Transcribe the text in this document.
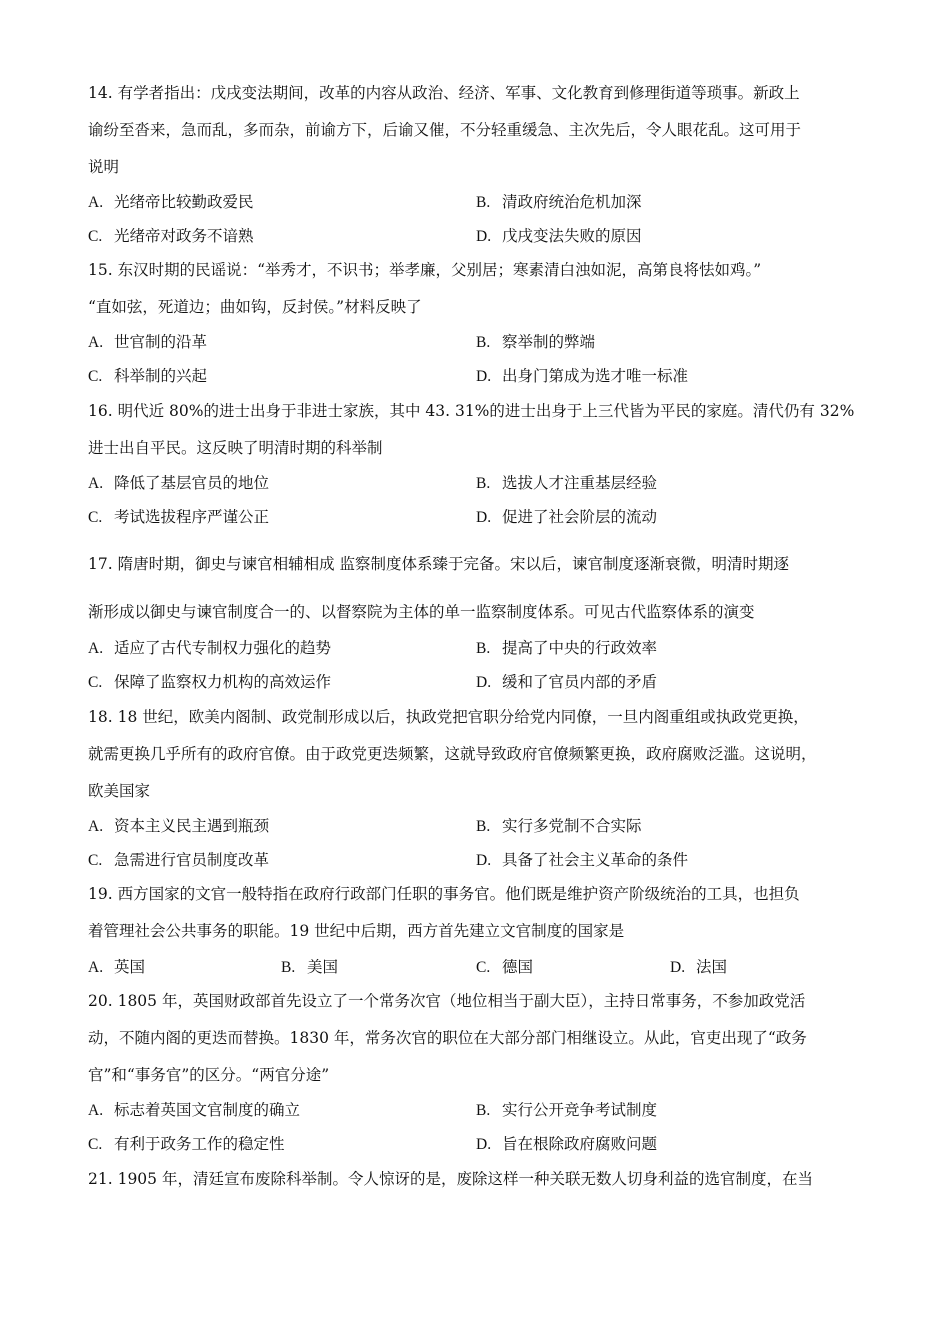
14. 有学者指出：戊戌变法期间，改革的内容从政治、经济、军事、文化教育到修理街道等琐事。新政上
谕纷至沓来，急而乱，多而杂，前谕方下，后谕又催，不分轻重缓急、主次先后，令人眼花乱。这可用于
说明
A. 光绪帝比较勤政爱民	B. 清政府统治危机加深
C. 光绪帝对政务不谙熟	D. 戊戌变法失败的原因
15. 东汉时期的民谣说：“举秀才，不识书；举孝廉，父别居；寒素清白浊如泥，高第良将怯如鸡。”
“直如弦，死道边；曲如钩，反封侯。”材料反映了
A. 世官制的沿革	B. 察举制的弊端
C. 科举制的兴起	D. 出身门第成为选才唯一标准
16. 明代近 80%的进士出身于非进士家族，其中 43. 31%的进士出身于上三代皆为平民的家庭。清代仍有 32%
进士出自平民。这反映了明清时期的科举制
A. 降低了基层官员的地位	B. 选拔人才注重基层经验
C. 考试选拔程序严谨公正	D. 促进了社会阶层的流动
17. 隋唐时期，御史与谏官相辅相成 监察制度体系臻于完备。宋以后，谏官制度逐渐衰微，明清时期逐
渐形成以御史与谏官制度合一的、以督察院为主体的单一监察制度体系。可见古代监察体系的演变
A. 适应了古代专制权力强化的趋势	B. 提高了中央的行政效率
C. 保障了监察权力机构的高效运作	D. 缓和了官员内部的矛盾
18. 18 世纪，欧美内阁制、政党制形成以后，执政党把官职分给党内同僚，一旦内阁重组或执政党更换，
就需更换几乎所有的政府官僚。由于政党更迭频繁，这就导致政府官僚频繁更换，政府腐败泛滥。这说明，
欧美国家
A. 资本主义民主遇到瓶颈	B. 实行多党制不合实际
C. 急需进行官员制度改革	D. 具备了社会主义革命的条件
19. 西方国家的文官一般特指在政府行政部门任职的事务官。他们既是维护资产阶级统治的工具，也担负
着管理社会公共事务的职能。19 世纪中后期，西方首先建立文官制度的国家是
A. 英国	B. 美国	C. 德国	D. 法国
20. 1805 年，英国财政部首先设立了一个常务次官（地位相当于副大臣），主持日常事务，不参加政党活
动，不随内阁的更迭而替换。1830 年，常务次官的职位在大部分部门相继设立。从此，官吏出现了“政务
官”和“事务官”的区分。“两官分途”
A. 标志着英国文官制度的确立	B. 实行公开竞争考试制度
C. 有利于政务工作的稳定性	D. 旨在根除政府腐败问题
21. 1905 年，清廷宣布废除科举制。令人惊讶的是，废除这样一种关联无数人切身利益的选官制度，在当
